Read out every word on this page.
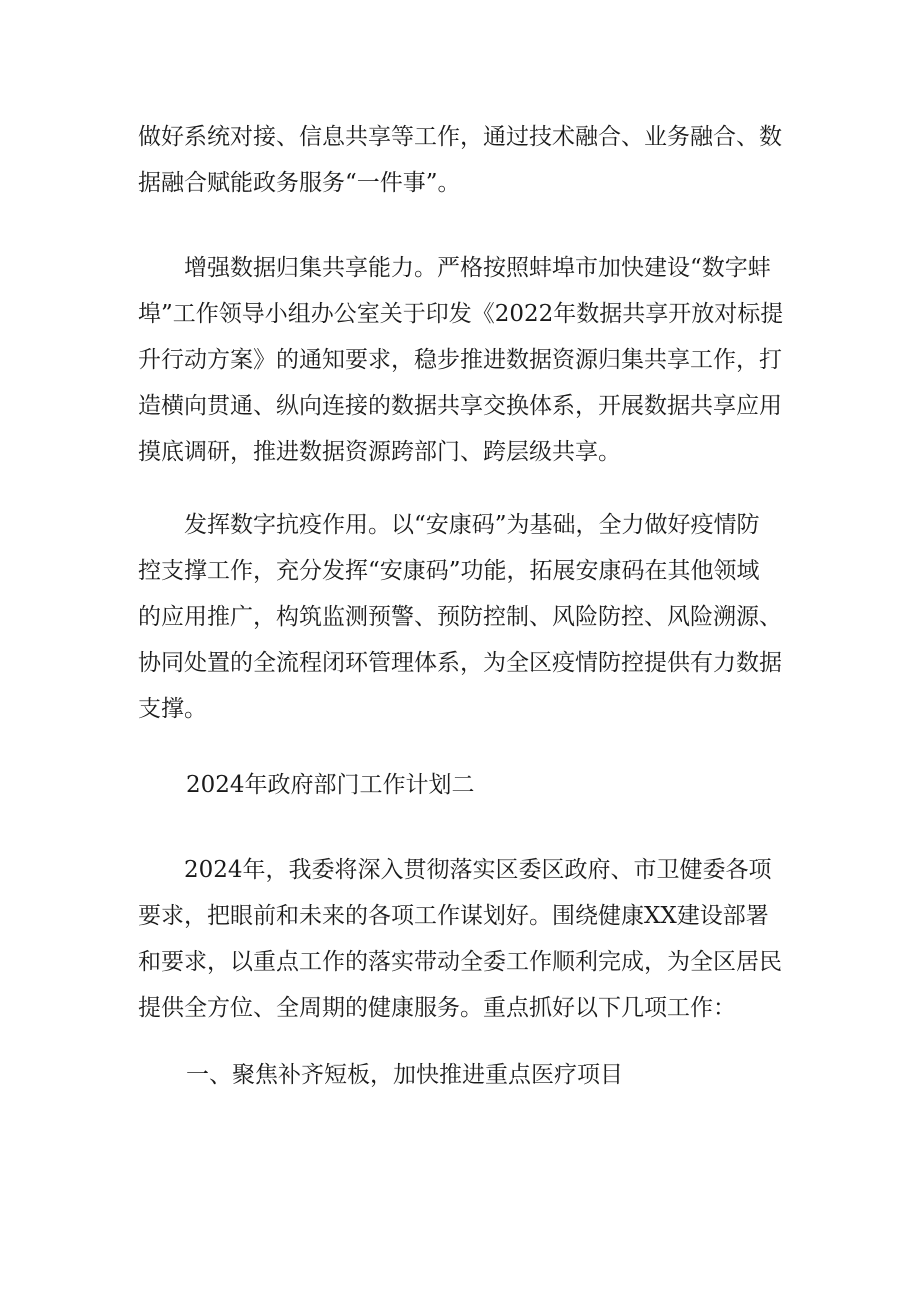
做好系统对接、信息共享等工作，通过技术融合、业务融合、数
据融合赋能政务服务“一件事”。

　　增强数据归集共享能力。严格按照蚌埠市加快建设“数字蚌
埠”工作领导小组办公室关于印发《2022年数据共享开放对标提
升行动方案》的通知要求，稳步推进数据资源归集共享工作，打
造横向贯通、纵向连接的数据共享交换体系，开展数据共享应用
摸底调研，推进数据资源跨部门、跨层级共享。

　　发挥数字抗疫作用。以“安康码”为基础，全力做好疫情防
控支撑工作，充分发挥“安康码”功能，拓展安康码在其他领域
的应用推广，构筑监测预警、预防控制、风险防控、风险溯源、
协同处置的全流程闭环管理体系，为全区疫情防控提供有力数据
支撑。

2024年政府部门工作计划二

　　2024年，我委将深入贯彻落实区委区政府、市卫健委各项
要求，把眼前和未来的各项工作谋划好。围绕健康XX建设部署
和要求，以重点工作的落实带动全委工作顺利完成，为全区居民
提供全方位、全周期的健康服务。重点抓好以下几项工作：

一、聚焦补齐短板，加快推进重点医疗项目
